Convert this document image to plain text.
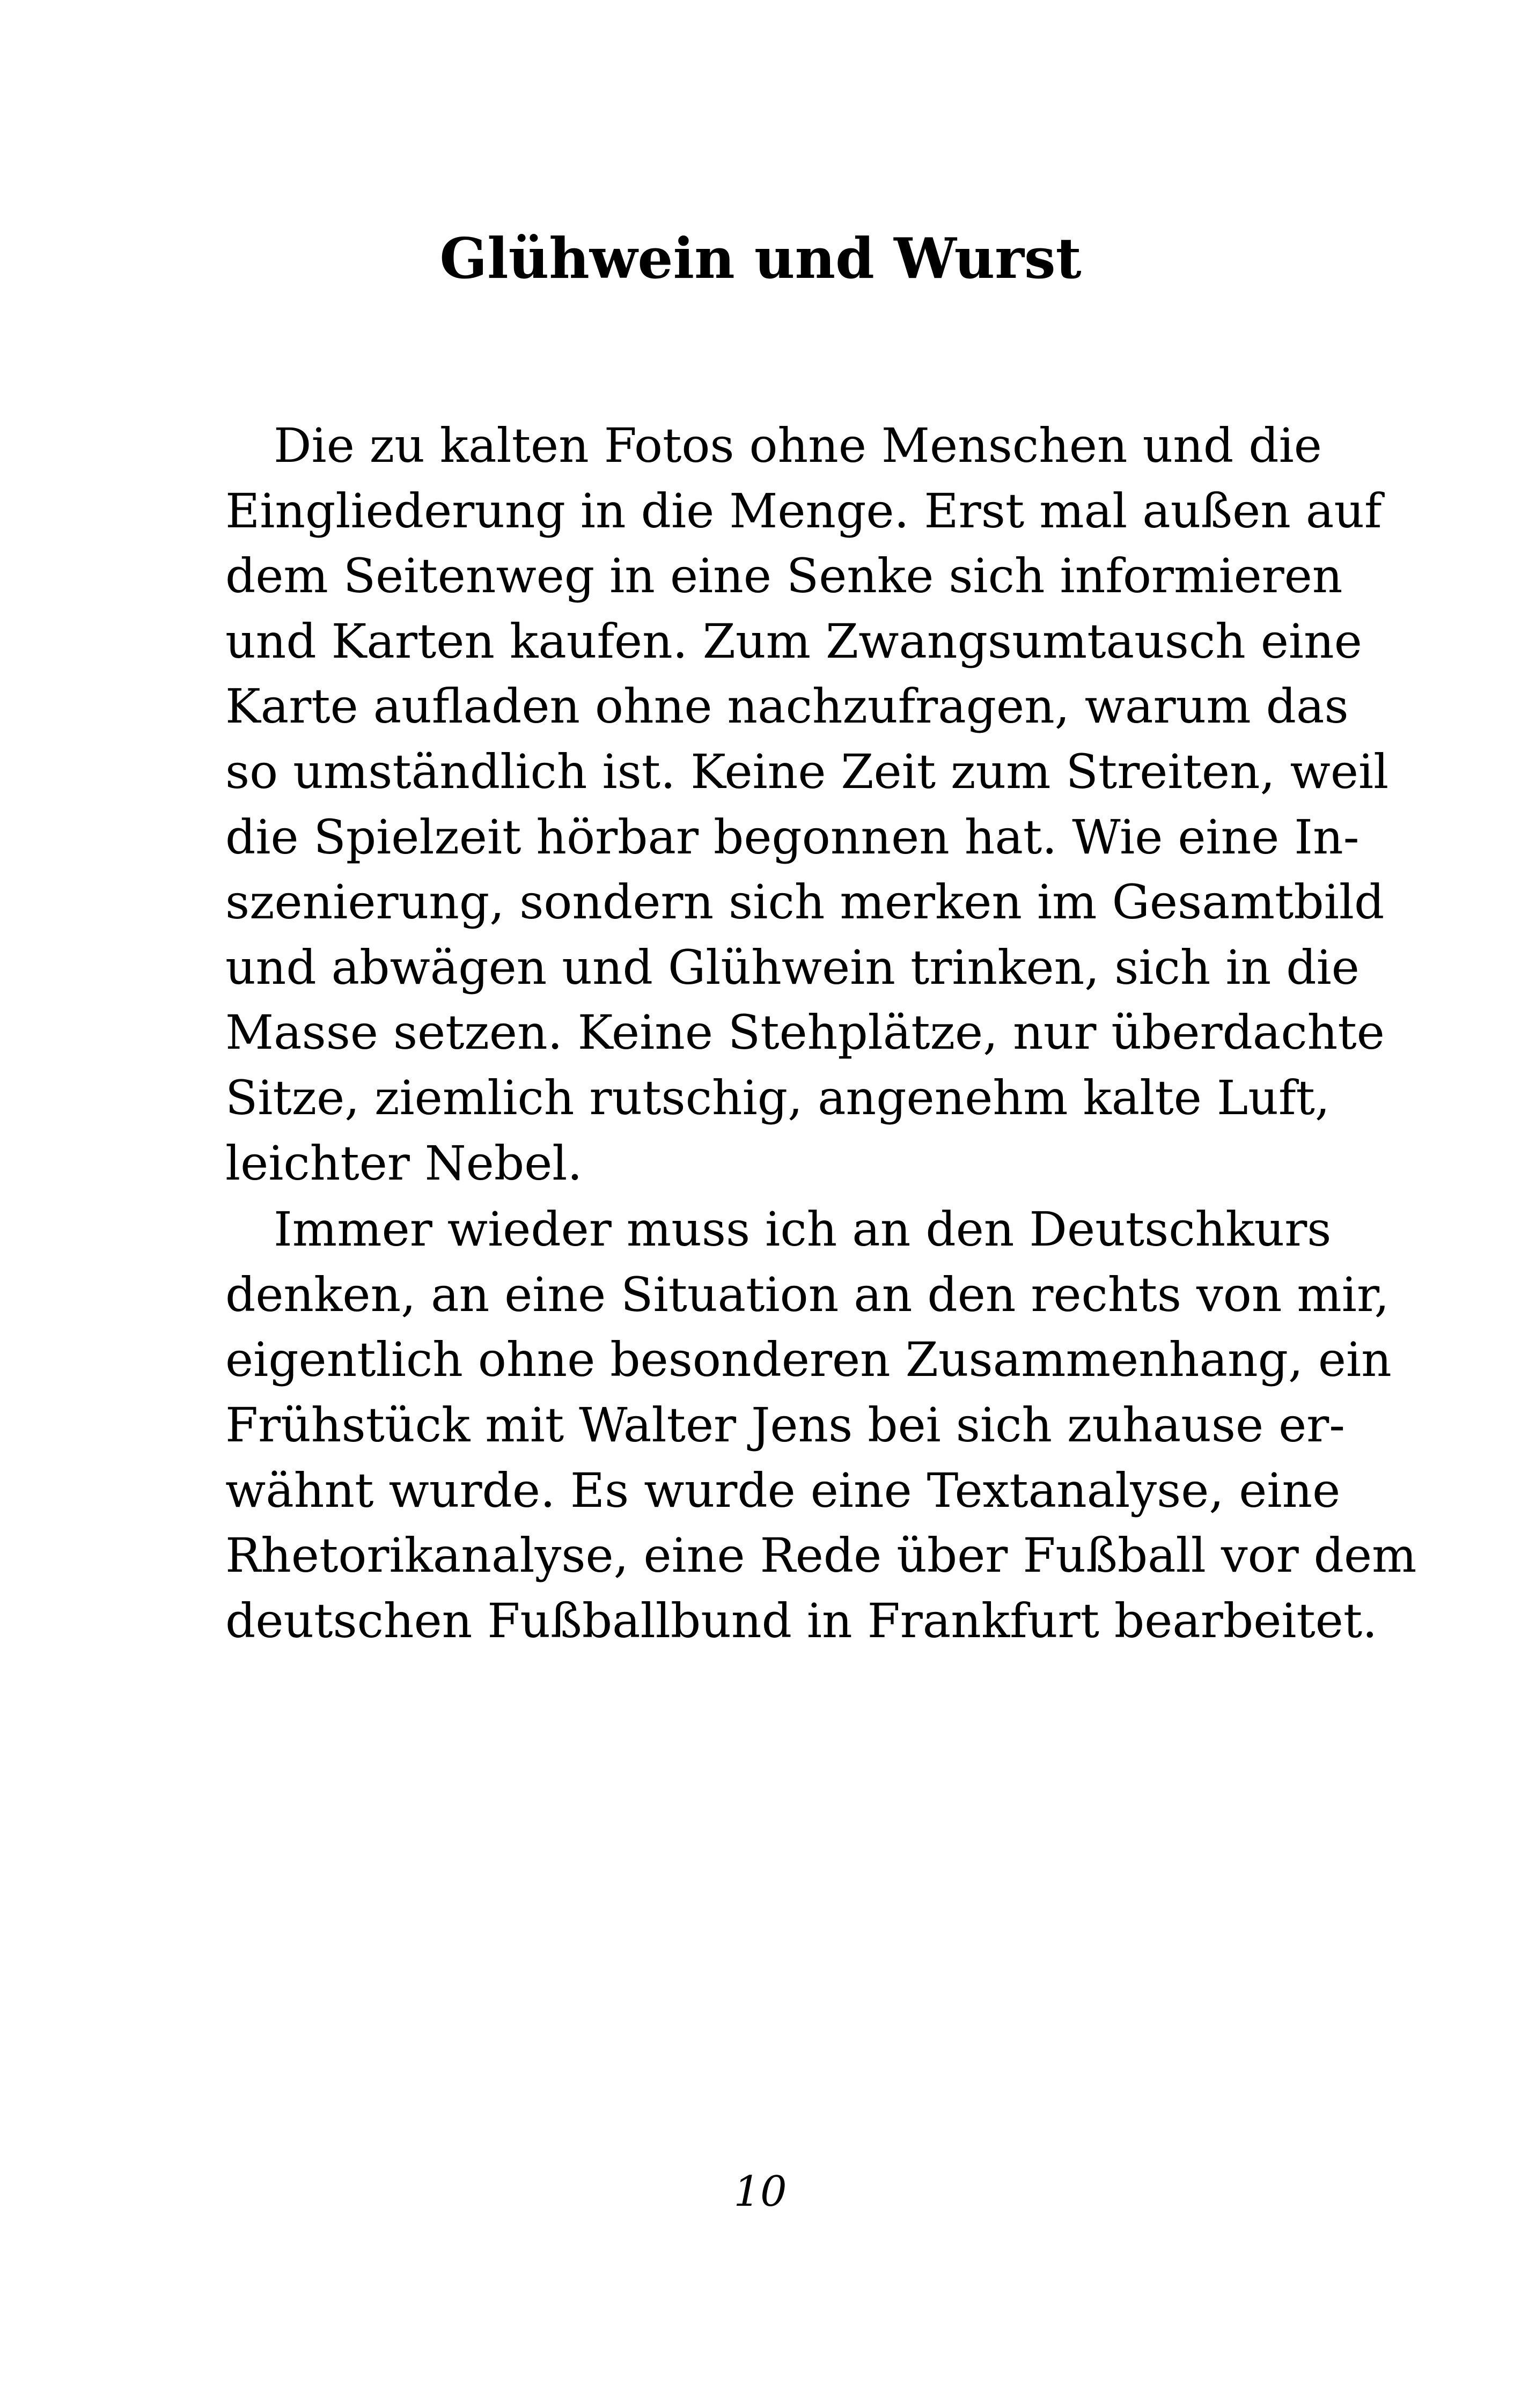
Glühwein und Wurst
Die zu kalten Fotos ohne Menschen und die
Eingliederung in die Menge. Erst mal außen auf
dem Seitenweg in eine Senke sich informieren
und Karten kaufen. Zum Zwangsumtausch eine
Karte aufladen ohne nachzufragen, warum das
so umständlich ist. Keine Zeit zum Streiten, weil
die Spielzeit hörbar begonnen hat. Wie eine In-
szenierung, sondern sich merken im Gesamtbild
und abwägen und Glühwein trinken, sich in die
Masse setzen. Keine Stehplätze, nur überdachte
Sitze, ziemlich rutschig, angenehm kalte Luft,
leichter Nebel.
Immer wieder muss ich an den Deutschkurs
denken, an eine Situation an den rechts von mir,
eigentlich ohne besonderen Zusammenhang, ein
Frühstück mit Walter Jens bei sich zuhause er-
wähnt wurde. Es wurde eine Textanalyse, eine
Rhetorikanalyse, eine Rede über Fußball vor dem
deutschen Fußballbund in Frankfurt bearbeitet.

10
